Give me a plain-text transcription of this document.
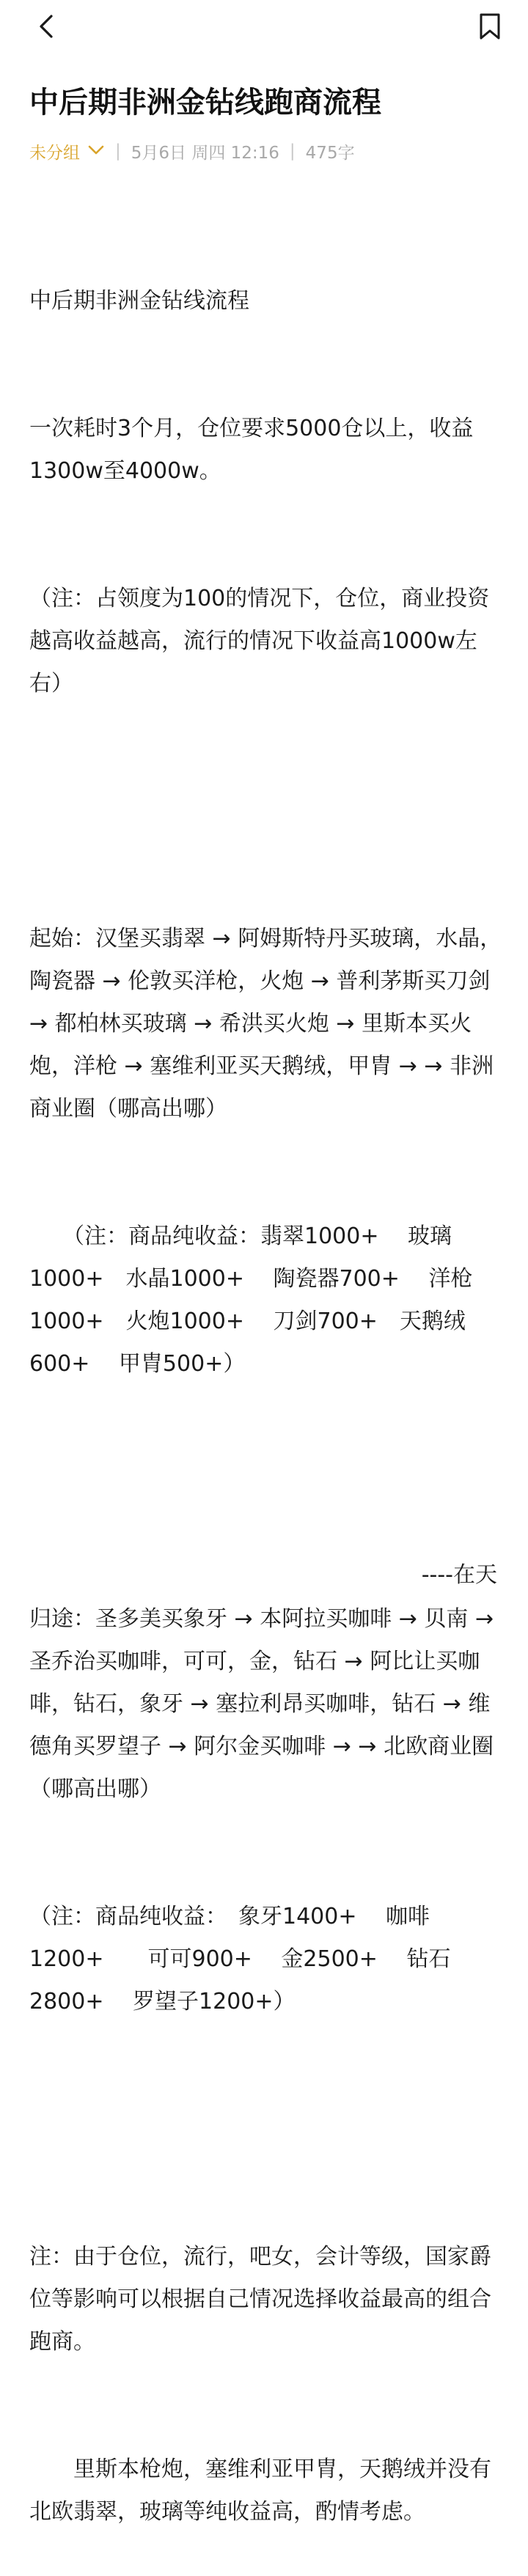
中后期非洲金钻线跑商流程
未分组 | 5月6日 周四 12:16 | 475字

中后期非洲金钻线流程

一次耗时3个月，仓位要求5000仓以上，收益1300w至4000w。

（注：占领度为100的情况下，仓位，商业投资越高收益越高，流行的情况下收益高1000w左右）

起始：汉堡买翡翠 → 阿姆斯特丹买玻璃，水晶，陶瓷器 → 伦敦买洋枪，火炮 → 普利茅斯买刀剑 → 都柏林买玻璃 → 希洪买火炮 → 里斯本买火炮，洋枪 → 塞维利亚买天鹅绒，甲胄 → → 非洲商业圈（哪高出哪）

　　（注：商品纯收益：翡翠1000+　 玻璃1000+　水晶1000+　 陶瓷器700+　 洋枪1000+　火炮1000+　 刀剑700+　天鹅绒600+　 甲胄500+）

归途：圣多美买象牙 → 本阿拉买咖啡 → 贝南 → 圣乔治买咖啡，可可，金，钻石 → 阿比让买咖啡，钻石，象牙 → 塞拉利昂买咖啡，钻石 → 维德角买罗望子 → 阿尔金买咖啡 → → 北欧商业圈（哪高出哪）

（注：商品纯收益：　象牙1400+　 咖啡1200+　　可可900+　 金2500+　 钻石2800+　 罗望子1200+）

注：由于仓位，流行，吧女，会计等级，国家爵位等影响可以根据自己情况选择收益最高的组合跑商。

　　里斯本枪炮，塞维利亚甲胄，天鹅绒并没有北欧翡翠，玻璃等纯收益高，酌情考虑。

----在天
